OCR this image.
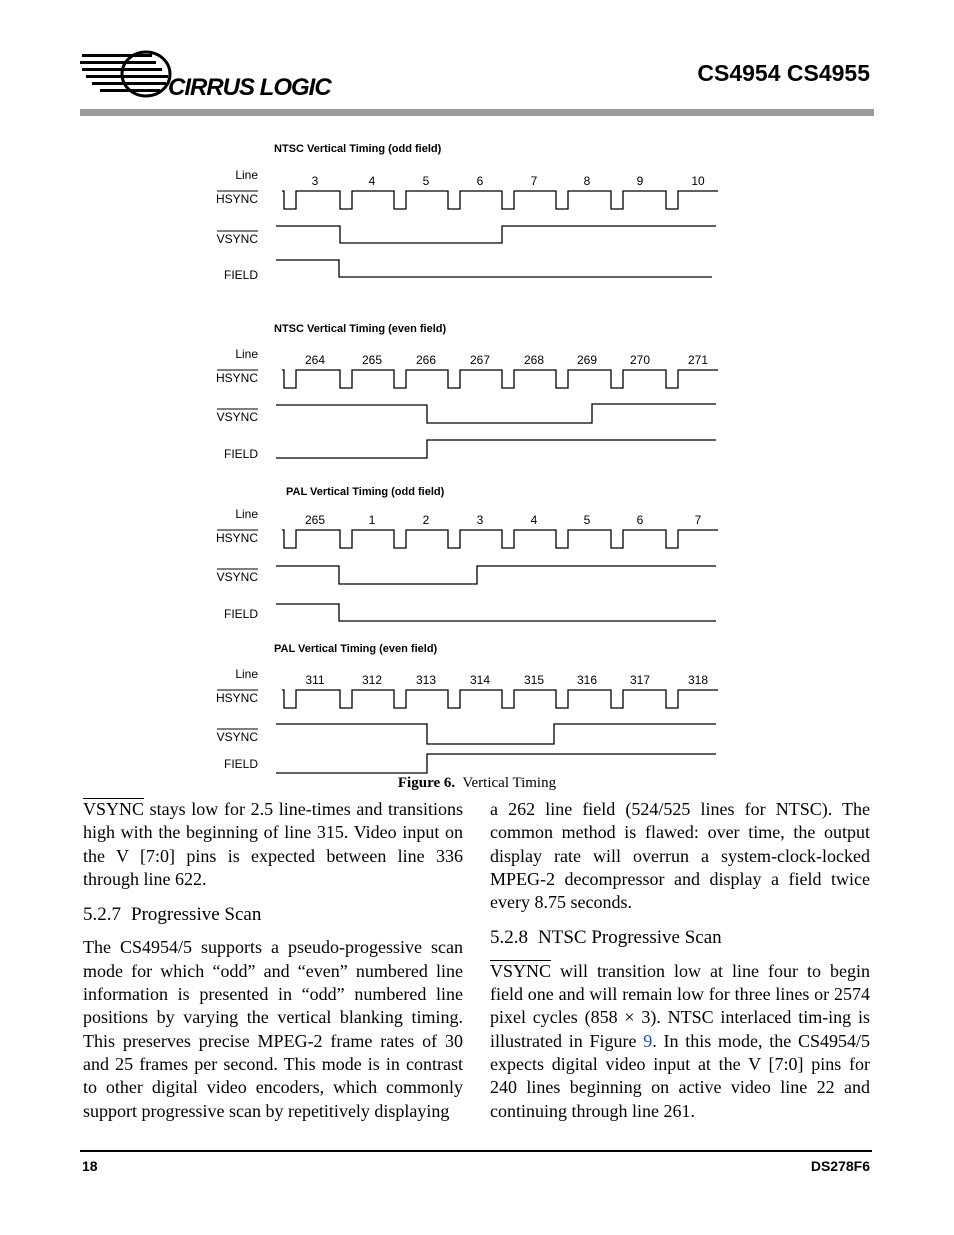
CIRRUS LOGIC
CS4954 CS4955
NTSC Vertical Timing (odd field)
Line	3	4	5	6	7	8	9	10
HSYNC
VSYNC
FIELD
NTSC Vertical Timing (even field)
Line	264	265	266	267	268	269	270	271
HSYNC
VSYNC
FIELD
PAL Vertical Timing (odd field)
Line	265	1	2	3	4	5	6	7
HSYNC
VSYNC
FIELD
PAL Vertical Timing (even field)
Line	311	312	313	314	315	316	317	318
HSYNC
VSYNC
FIELD
Figure 6. Vertical Timing

VSYNC stays low for 2.5 line-times and transitions high with the beginning of line 315. Video input on the V [7:0] pins is expected between line 336 through line 622.

5.2.7 Progressive Scan

The CS4954/5 supports a pseudo-progessive scan mode for which “odd” and “even” numbered line information is presented in “odd” numbered line positions by varying the vertical blanking timing. This preserves precise MPEG-2 frame rates of 30 and 25 frames per second. This mode is in contrast to other digital video encoders, which commonly support progressive scan by repetitively displaying

a 262 line field (524/525 lines for NTSC). The common method is flawed: over time, the output display rate will overrun a system-clock-locked MPEG-2 decompressor and display a field twice every 8.75 seconds.

5.2.8 NTSC Progressive Scan

VSYNC will transition low at line four to begin field one and will remain low for three lines or 2574 pixel cycles (858 × 3). NTSC interlaced tim-ing is illustrated in Figure 9. In this mode, the CS4954/5 expects digital video input at the V [7:0] pins for 240 lines beginning on active video line 22 and continuing through line 261.

18	DS278F6
